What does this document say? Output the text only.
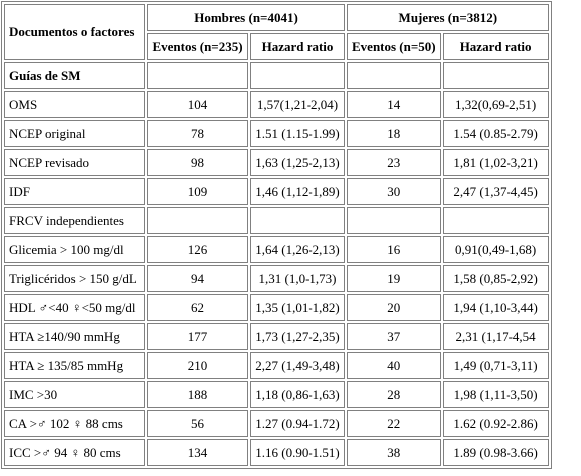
Documentos o factores	Hombres (n=4041)		Mujeres (n=3812)	
	Eventos (n=235)	Hazard ratio	Eventos (n=50)	Hazard ratio
Guías de SM				
OMS	104	1,57(1,21-2,04)	14	1,32(0,69-2,51)
NCEP original	78	1.51 (1.15-1.99)	18	1.54 (0.85-2.79)
NCEP revisado	98	1,63 (1,25-2,13)	23	1,81 (1,02-3,21)
IDF	109	1,46 (1,12-1,89)	30	2,47 (1,37-4,45)
FRCV independientes				
Glicemia > 100 mg/dl	126	1,64 (1,26-2,13)	16	0,91(0,49-1,68)
Triglicéridos > 150 g/dL	94	1,31 (1,0-1,73)	19	1,58 (0,85-2,92)
HDL ♂<40 ♀<50 mg/dl	62	1,35 (1,01-1,82)	20	1,94 (1,10-3,44)
HTA ≥140/90 mmHg	177	1,73 (1,27-2,35)	37	2,31 (1,17-4,54
HTA ≥ 135/85 mmHg	210	2,27 (1,49-3,48)	40	1,49 (0,71-3,11)
IMC >30	188	1,18 (0,86-1,63)	28	1,98 (1,11-3,50)
CA >♂ 102 ♀ 88 cms	56	1.27 (0.94-1.72)	22	1.62 (0.92-2.86)
ICC >♂ 94 ♀ 80 cms	134	1.16 (0.90-1.51)	38	1.89 (0.98-3.66)
